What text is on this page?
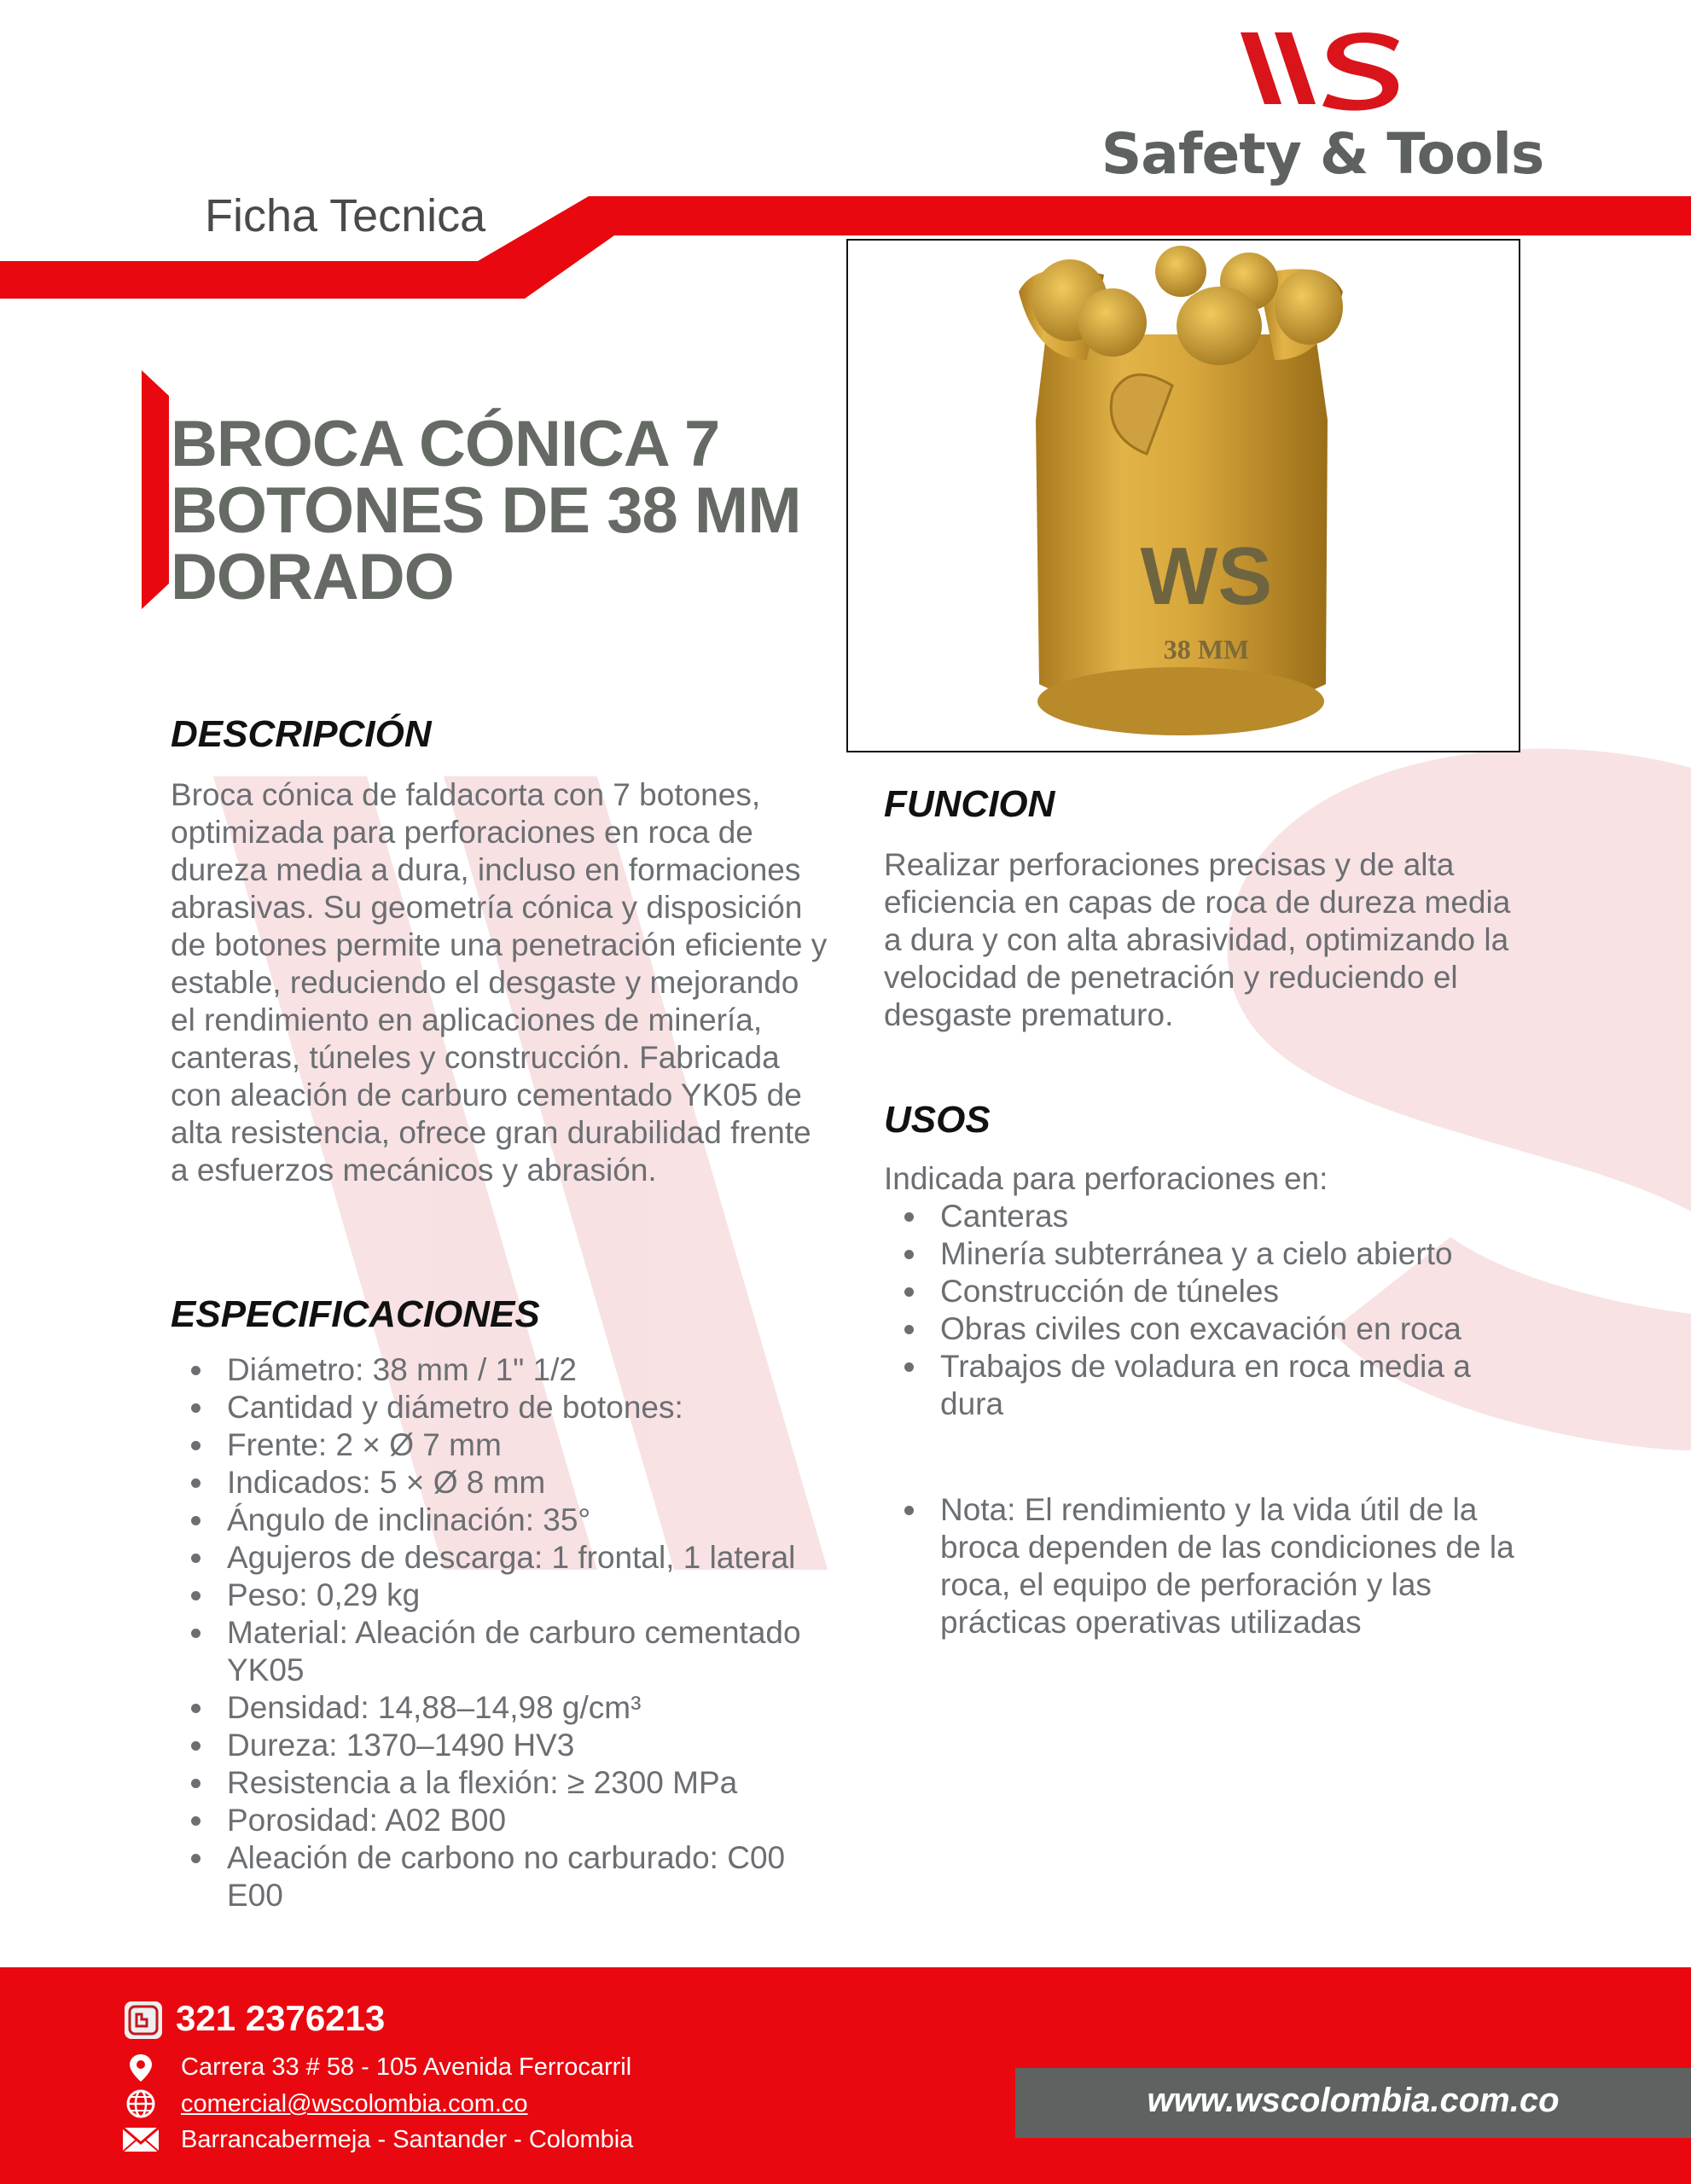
Safety & Tools
Ficha Tecnica
BROCA CÓNICA 7
BOTONES DE 38 MM
DORADO	WS
38 MM
DESCRIPCIÓN
Broca cónica de faldacorta con 7 botones, optimizada para perforaciones en roca de dureza media a dura, incluso en formaciones abrasivas. Su geometría cónica y disposición de botones permite una penetración eficiente y estable, reduciendo el desgaste y mejorando el rendimiento en aplicaciones de minería, canteras, túneles y construcción. Fabricada con aleación de carburo cementado YK05 de alta resistencia, ofrece gran durabilidad frente a esfuerzos mecánicos y abrasión.
ESPECIFICACIONES
Diámetro: 38 mm / 1" 1/2
Cantidad y diámetro de botones:
Frente: 2 × Ø 7 mm
Indicados: 5 × Ø 8 mm
Ángulo de inclinación: 35°
Agujeros de descarga: 1 frontal, 1 lateral
Peso: 0,29 kg
Material: Aleación de carburo cementado YK05
Densidad: 14,88–14,98 g/cm³
Dureza: 1370–1490 HV3
Resistencia a la flexión: ≥ 2300 MPa
Porosidad: A02 B00
Aleación de carbono no carburado: C00 E00
FUNCION
Realizar perforaciones precisas y de alta eficiencia en capas de roca de dureza media a dura y con alta abrasividad, optimizando la velocidad de penetración y reduciendo el desgaste prematuro.
USOS
Indicada para perforaciones en:
Canteras
Minería subterránea y a cielo abierto
Construcción de túneles
Obras civiles con excavación en roca
Trabajos de voladura en roca media a dura
Nota: El rendimiento y la vida útil de la broca dependen de las condiciones de la roca, el equipo de perforación y las prácticas operativas utilizadas
321 2376213
Carrera 33 # 58 - 105 Avenida Ferrocarril
comercial@wscolombia.com.co
Barrancabermeja - Santander - Colombia
www.wscolombia.com.co
